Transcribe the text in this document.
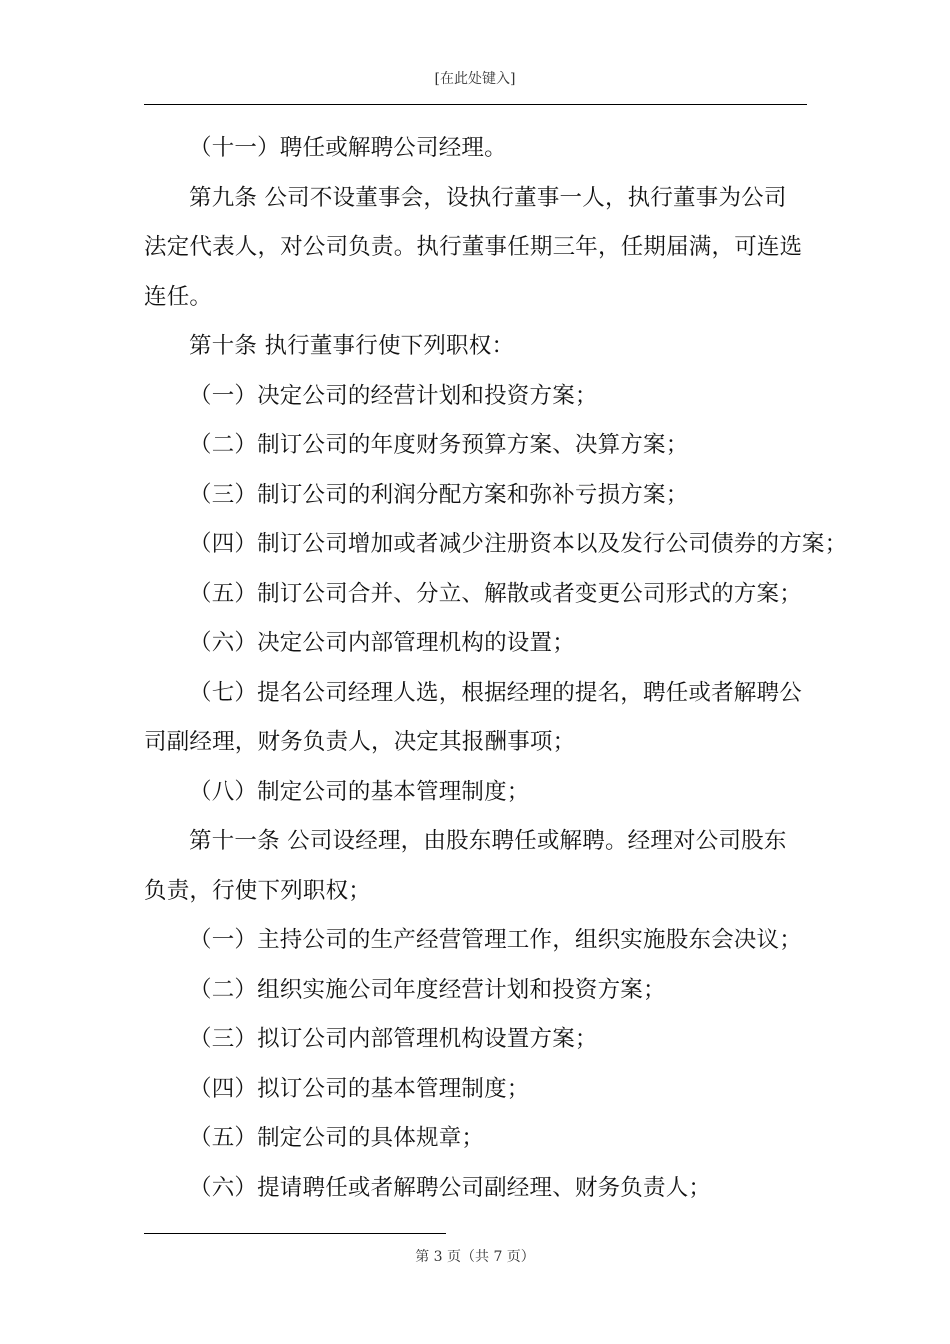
[在此处键入]

（十一）聘任或解聘公司经理。

第九条 公司不设董事会，设执行董事一人，执行董事为公司法定代表人，对公司负责。执行董事任期三年，任期届满，可连选连任。

第十条 执行董事行使下列职权：

（一）决定公司的经营计划和投资方案；

（二）制订公司的年度财务预算方案、决算方案；

（三）制订公司的利润分配方案和弥补亏损方案；

（四）制订公司增加或者减少注册资本以及发行公司债券的方案；

（五）制订公司合并、分立、解散或者变更公司形式的方案；

（六）决定公司内部管理机构的设置；

（七）提名公司经理人选，根据经理的提名，聘任或者解聘公司副经理，财务负责人，决定其报酬事项；

（八）制定公司的基本管理制度；

第十一条 公司设经理，由股东聘任或解聘。经理对公司股东负责，行使下列职权；

（一）主持公司的生产经营管理工作，组织实施股东会决议；

（二）组织实施公司年度经营计划和投资方案；

（三）拟订公司内部管理机构设置方案；

（四）拟订公司的基本管理制度；

（五）制定公司的具体规章；

（六）提请聘任或者解聘公司副经理、财务负责人；

第 3 页（共 7 页）
